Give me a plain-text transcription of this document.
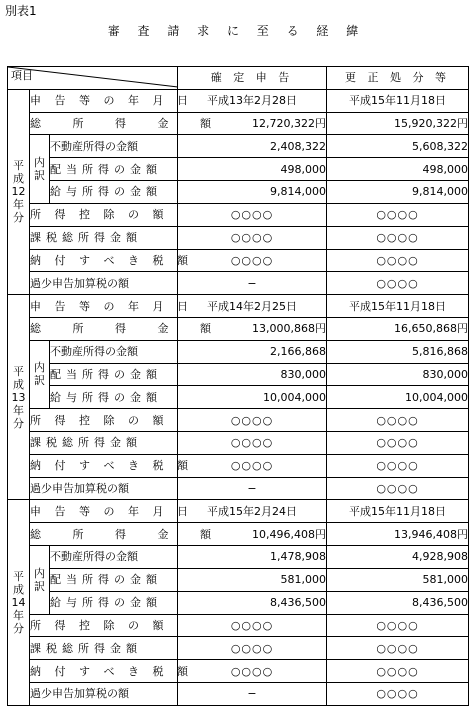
別表1
審 査 請 求 に 至 る 経 緯
項目			確 定 申 告	更 正 処 分 等

平
成
12
年
分	申 告 等 の 年 月 日		平成13年2月28日	平成15年11月18日
	総 所 得 金 額		12,720,322円	15,920,322円

	内
訳	不動産所得の金額	2,408,322	5,608,322
		配当所得の金額	498,000	498,000
		給与所得の金額	9,814,000	9,814,000
	所 得 控 除 の 額		○○○○	○○○○
	課税総所得金額		○○○○	○○○○
	納 付 す べ き 税 額		○○○○	○○○○
	過少申告加算税の額		−	○○○○

平
成
13
年
分	申 告 等 の 年 月 日		平成14年2月25日	平成15年11月18日
	総 所 得 金 額		13,000,868円	16,650,868円

	内
訳	不動産所得の金額	2,166,868	5,816,868
		配当所得の金額	830,000	830,000
		給与所得の金額	10,004,000	10,004,000
	所 得 控 除 の 額		○○○○	○○○○
	課税総所得金額		○○○○	○○○○
	納 付 す べ き 税 額		○○○○	○○○○
	過少申告加算税の額		−	○○○○

平
成
14
年
分	申 告 等 の 年 月 日		平成15年2月24日	平成15年11月18日
	総 所 得 金 額		10,496,408円	13,946,408円

	内
訳	不動産所得の金額	1,478,908	4,928,908
		配当所得の金額	581,000	581,000
		給与所得の金額	8,436,500	8,436,500
	所 得 控 除 の 額		○○○○	○○○○
	課税総所得金額		○○○○	○○○○
	納 付 す べ き 税 額		○○○○	○○○○
	過少申告加算税の額		−	○○○○
